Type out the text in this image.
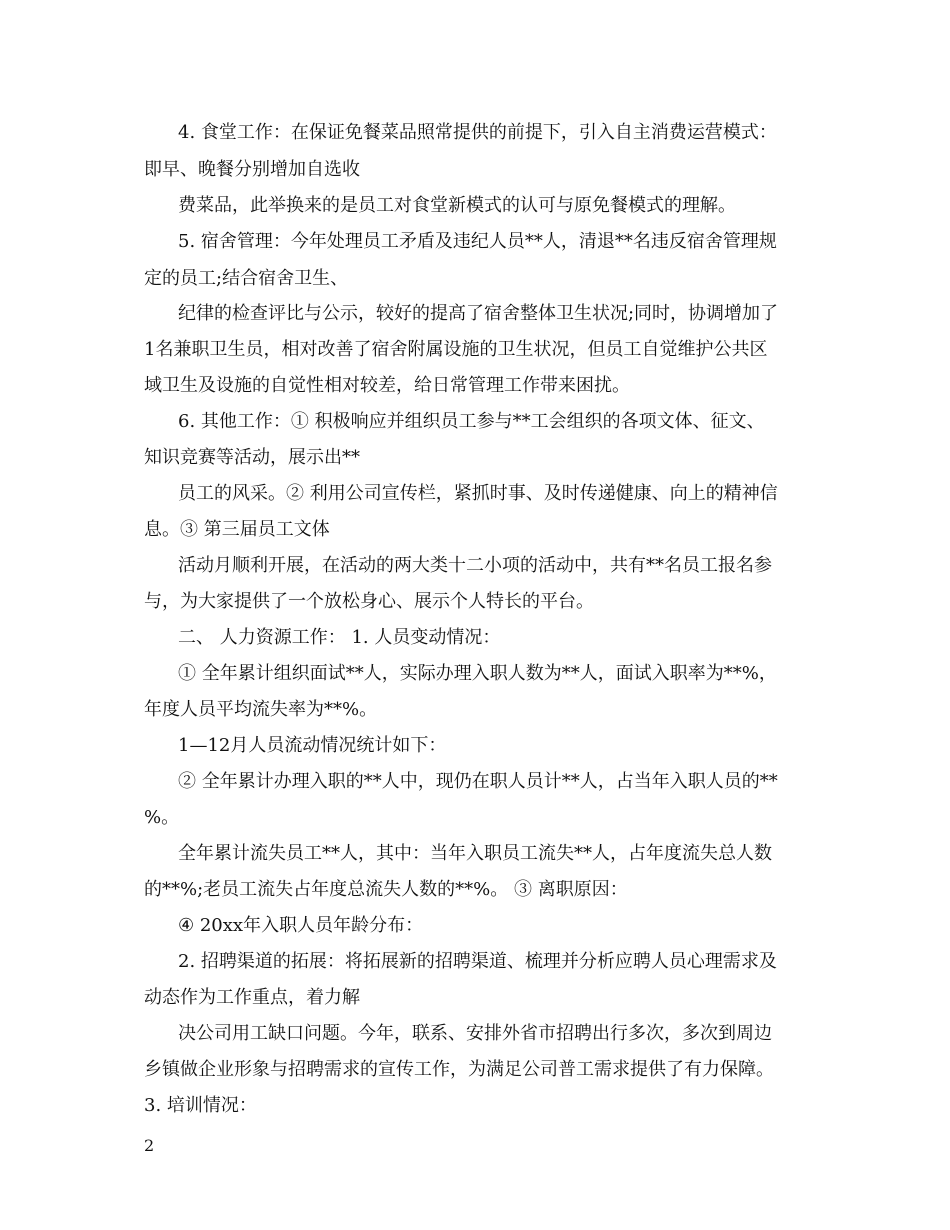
4. 食堂工作：在保证免餐菜品照常提供的前提下，引入自主消费运营模式：
即早、晚餐分别增加自选收
费菜品，此举换来的是员工对食堂新模式的认可与原免餐模式的理解。
5. 宿舍管理：今年处理员工矛盾及违纪人员**人，清退**名违反宿舍管理规
定的员工;结合宿舍卫生、
纪律的检查评比与公示，较好的提高了宿舍整体卫生状况;同时，协调增加了
1名兼职卫生员，相对改善了宿舍附属设施的卫生状况，但员工自觉维护公共区
域卫生及设施的自觉性相对较差，给日常管理工作带来困扰。
6. 其他工作：① 积极响应并组织员工参与**工会组织的各项文体、征文、
知识竞赛等活动，展示出**
员工的风采。② 利用公司宣传栏，紧抓时事、及时传递健康、向上的精神信
息。③ 第三届员工文体
活动月顺利开展，在活动的两大类十二小项的活动中，共有**名员工报名参
与，为大家提供了一个放松身心、展示个人特长的平台。
二、 人力资源工作： 1. 人员变动情况：
① 全年累计组织面试**人，实际办理入职人数为**人，面试入职率为**%，
年度人员平均流失率为**%。
1—12月人员流动情况统计如下：
② 全年累计办理入职的**人中，现仍在职人员计**人，占当年入职人员的**
%。
全年累计流失员工**人，其中：当年入职员工流失**人，占年度流失总人数
的**%;老员工流失占年度总流失人数的**%。 ③ 离职原因：
④ 20xx年入职人员年龄分布：
2. 招聘渠道的拓展：将拓展新的招聘渠道、梳理并分析应聘人员心理需求及
动态作为工作重点，着力解
决公司用工缺口问题。今年，联系、安排外省市招聘出行多次，多次到周边
乡镇做企业形象与招聘需求的宣传工作，为满足公司普工需求提供了有力保障。
3. 培训情况：
2
